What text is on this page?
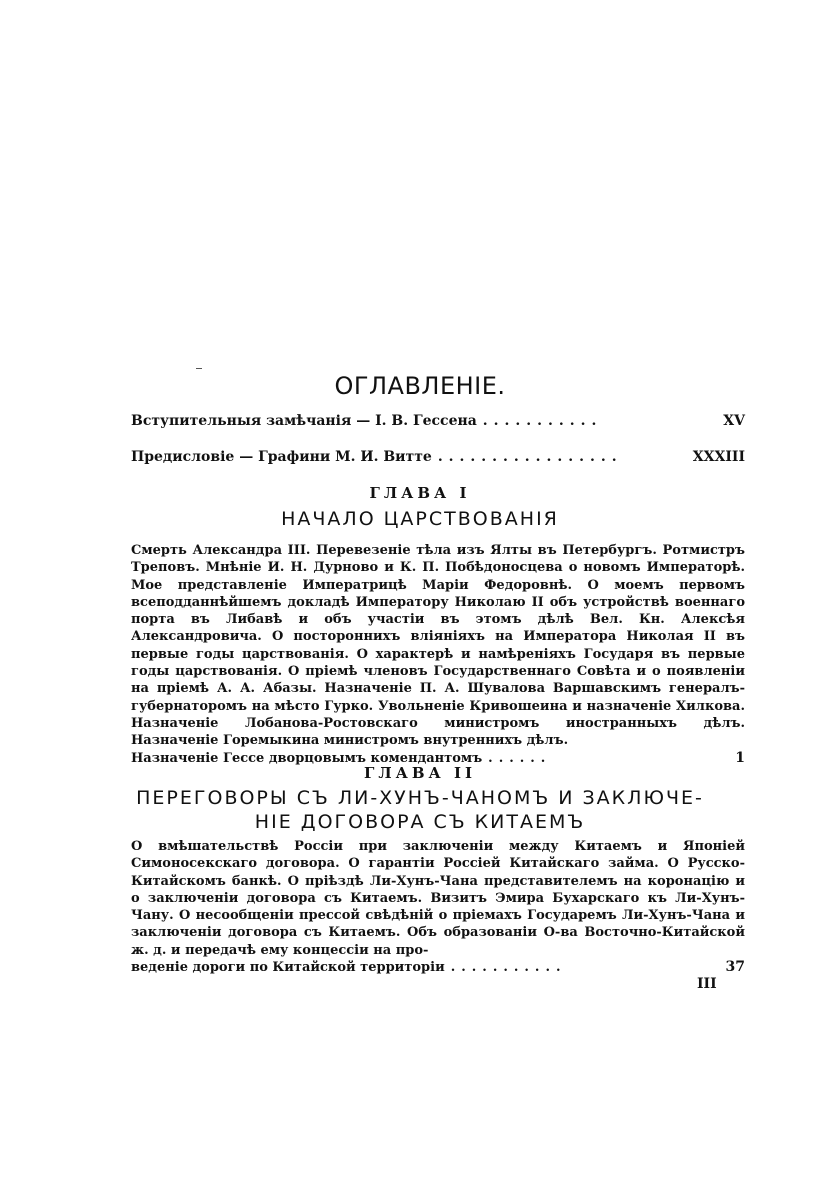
ОГЛАВЛЕНIЕ.
Вступительныя замѣчанiя — I. В. Гессена ...........	XV
Предисловiе — Графини М. И. Витте .................	XXXIII
ГЛАВА I
НАЧАЛО ЦАРСТВОВАНIЯ
Смерть Александра III. Перевезенiе тѣла изъ Ялты въ Петербургъ. Ротмистръ Треповъ. Мнѣнiе И. Н. Дурново и К. П. Побѣдоносцева о новомъ Императорѣ. Мое представленiе Императрицѣ Марiи Федоровнѣ. О моемъ первомъ всеподданнѣйшемъ докладѣ Императору Николаю II объ устройствѣ военнаго порта въ Либавѣ и объ участiи въ этомъ дѣлѣ Вел. Кн. Алексѣя Александровича. О постороннихъ влiянiяхъ на Императора Николая II въ первые годы царствованiя. О характерѣ и намѣренiяхъ Государя въ первые годы царствованiя. О прiемѣ членовъ Государственнаго Совѣта и о появленiи на прiемѣ А. А. Абазы. Назначенiе П. А. Шувалова Варшавскимъ генералъ-губернаторомъ на мѣсто Гурко. Увольненiе Кривошеина и назначенiе Хилкова. Назначенiе Лобанова-Ростовскаго министромъ иностранныхъ дѣлъ. Назначенiе Горемыкина министромъ внутреннихъ дѣлъ.
Назначенiе Гессе дворцовымъ комендантомъ ......	1
ГЛАВА II
ПЕРЕГОВОРЫ СЪ ЛИ-ХУНЪ-ЧАНОМЪ И ЗАКЛЮЧЕ-
НIЕ ДОГОВОРА СЪ КИТАЕМЪ
О вмѣшательствѣ Россiи при заключенiи между Китаемъ и Японiей Симоносекскаго договора. О гарантiи Россiей Китайскаго займа. О Русско-Китайскомъ банкѣ. О прiѣздѣ Ли-Хунъ-Чана представителемъ на коронацiю и о заключенiи договора съ Китаемъ. Визитъ Эмира Бухарскаго къ Ли-Хунъ-Чану. О несообщенiи прессой свѣдѣнiй о прiемахъ Государемъ Ли-Хунъ-Чана и заключенiи договора съ Китаемъ. Объ образованiи О-ва Восточно-Китайской ж. д. и передачѣ ему концессiи на про-
веденiе дороги по Китайской территорiи ...........	37
III
